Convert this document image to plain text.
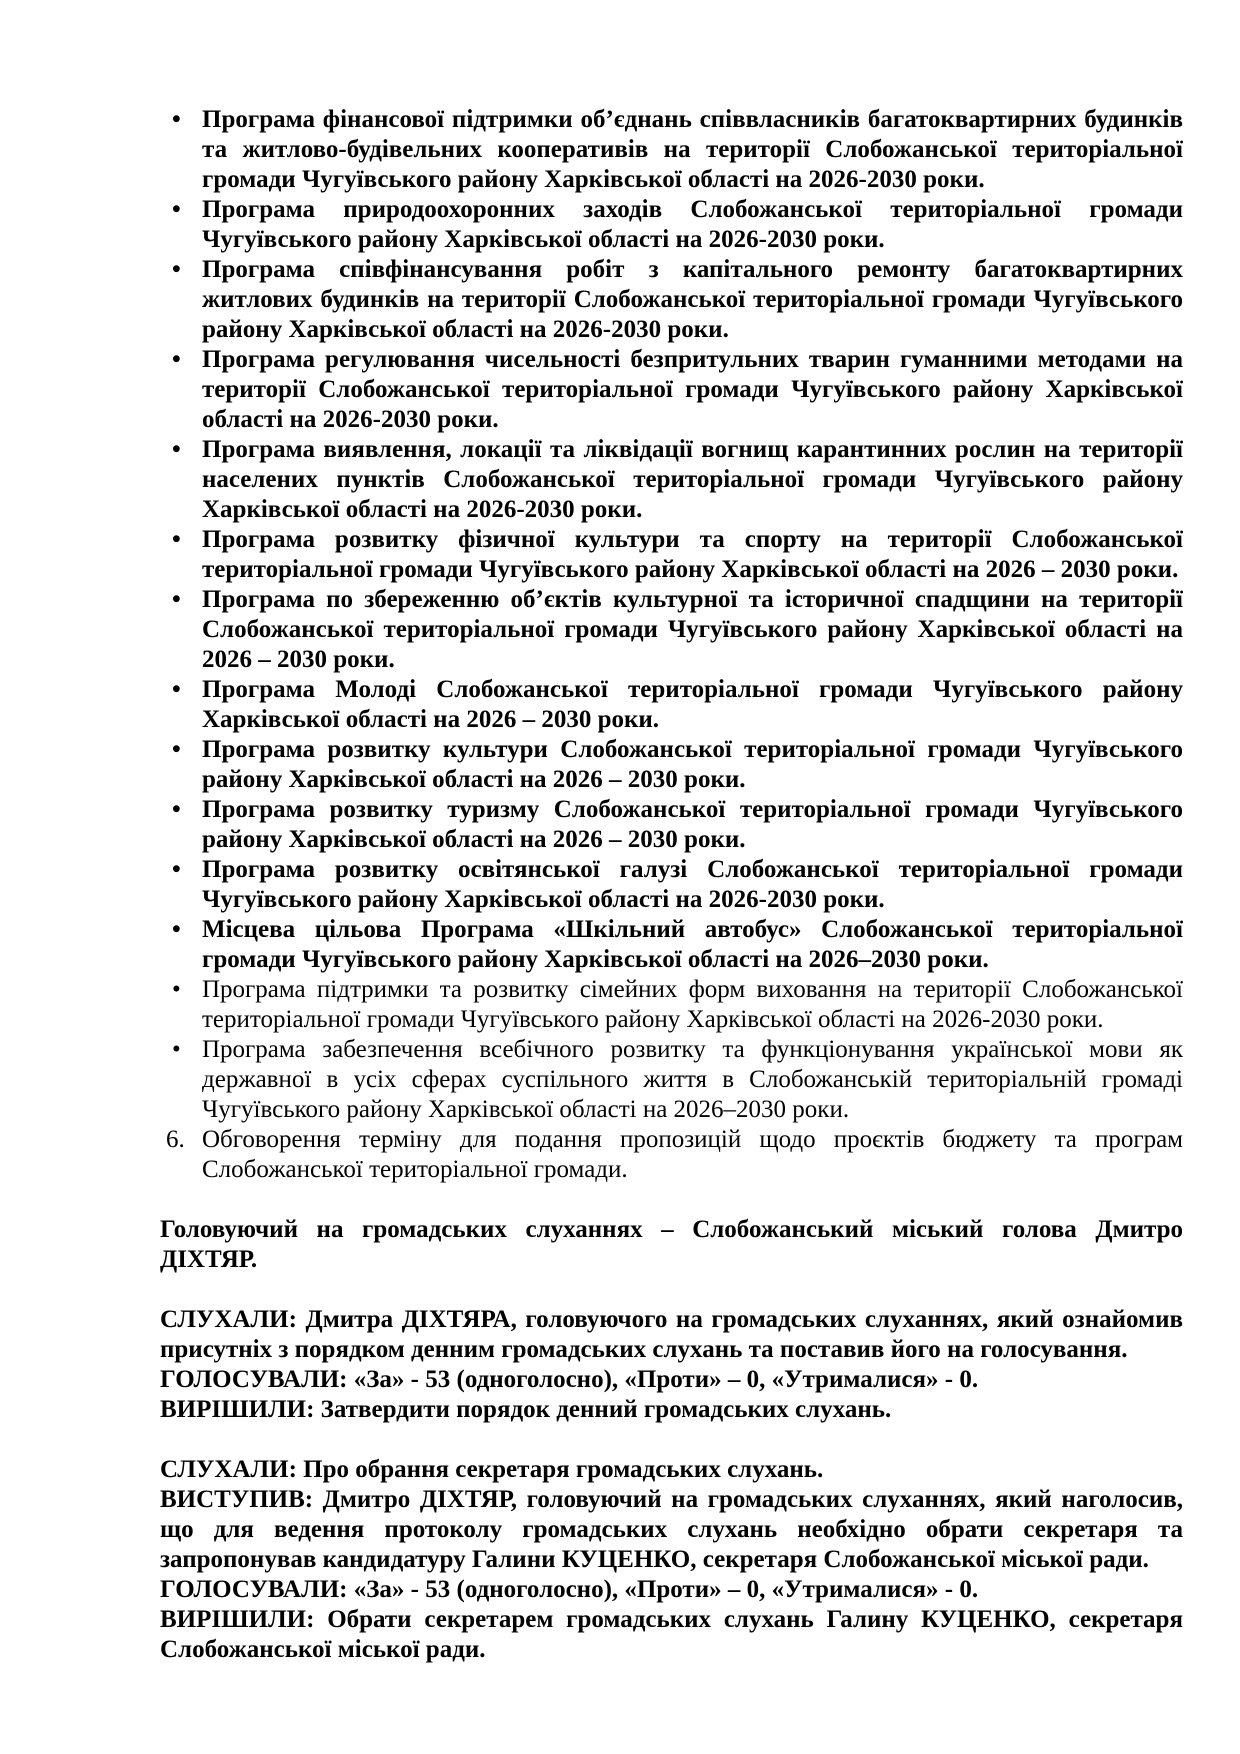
• Програма фінансової підтримки об’єднань співвласників багатоквартирних будинків та житлово-будівельних кооперативів на території Слобожанської територіальної громади Чугуївського району Харківської області на 2026-2030 роки.
• Програма природоохоронних заходів Слобожанської територіальної громади Чугуївського району Харківської області на 2026-2030 роки.
• Програма співфінансування робіт з капітального ремонту багатоквартирних житлових будинків на території Слобожанської територіальної громади Чугуївського району Харківської області на 2026-2030 роки.
• Програма регулювання чисельності безпритульних тварин гуманними методами на території Слобожанської територіальної громади Чугуївського району Харківської області на 2026-2030 роки.
• Програма виявлення, локації та ліквідації вогнищ карантинних рослин на території населених пунктів Слобожанської територіальної громади Чугуївського району Харківської області на 2026-2030 роки.
• Програма розвитку фізичної культури та спорту на території Слобожанської територіальної громади Чугуївського району Харківської області на 2026 – 2030 роки.
• Програма по збереженню об’єктів культурної та історичної спадщини на території Слобожанської територіальної громади Чугуївського району Харківської області на 2026 – 2030 роки.
• Програма Молоді Слобожанської територіальної громади Чугуївського району Харківської області на 2026 – 2030 роки.
• Програма розвитку культури Слобожанської територіальної громади Чугуївського району Харківської області на 2026 – 2030 роки.
• Програма розвитку туризму Слобожанської територіальної громади Чугуївського району Харківської області на 2026 – 2030 роки.
• Програма розвитку освітянської галузі Слобожанської територіальної громади Чугуївського району Харківської області на 2026-2030 роки.
• Місцева цільова Програма «Шкільний автобус» Слобожанської територіальної громади Чугуївського району Харківської області на 2026–2030 роки.
• Програма підтримки та розвитку сімейних форм виховання на території Слобожанської територіальної громади Чугуївського району Харківської області на 2026-2030 роки.
• Програма забезпечення всебічного розвитку та функціонування української мови як державної в усіх сферах суспільного життя в Слобожанській територіальній громаді Чугуївського району Харківської області на 2026–2030 роки.
6. Обговорення терміну для подання пропозицій щодо проєктів бюджету та програм Слобожанської територіальної громади.

Головуючий на громадських слуханнях – Слобожанський міський голова Дмитро ДІХТЯР.

СЛУХАЛИ: Дмитра ДІХТЯРА, головуючого на громадських слуханнях, який ознайомив присутніх з порядком денним громадських слухань та поставив його на голосування.

ГОЛОСУВАЛИ: «За» - 53 (одноголосно), «Проти» – 0, «Утрималися» - 0.

ВИРІШИЛИ: Затвердити порядок денний громадських слухань.

СЛУХАЛИ: Про обрання секретаря громадських слухань.

ВИСТУПИВ: Дмитро ДІХТЯР, головуючий на громадських слуханнях, який наголосив, що для ведення протоколу громадських слухань необхідно обрати секретаря та запропонував кандидатуру Галини КУЦЕНКО, секретаря Слобожанської міської ради.

ГОЛОСУВАЛИ: «За» - 53 (одноголосно), «Проти» – 0, «Утрималися» - 0.

ВИРІШИЛИ: Обрати секретарем громадських слухань Галину КУЦЕНКО, секретаря Слобожанської міської ради.
